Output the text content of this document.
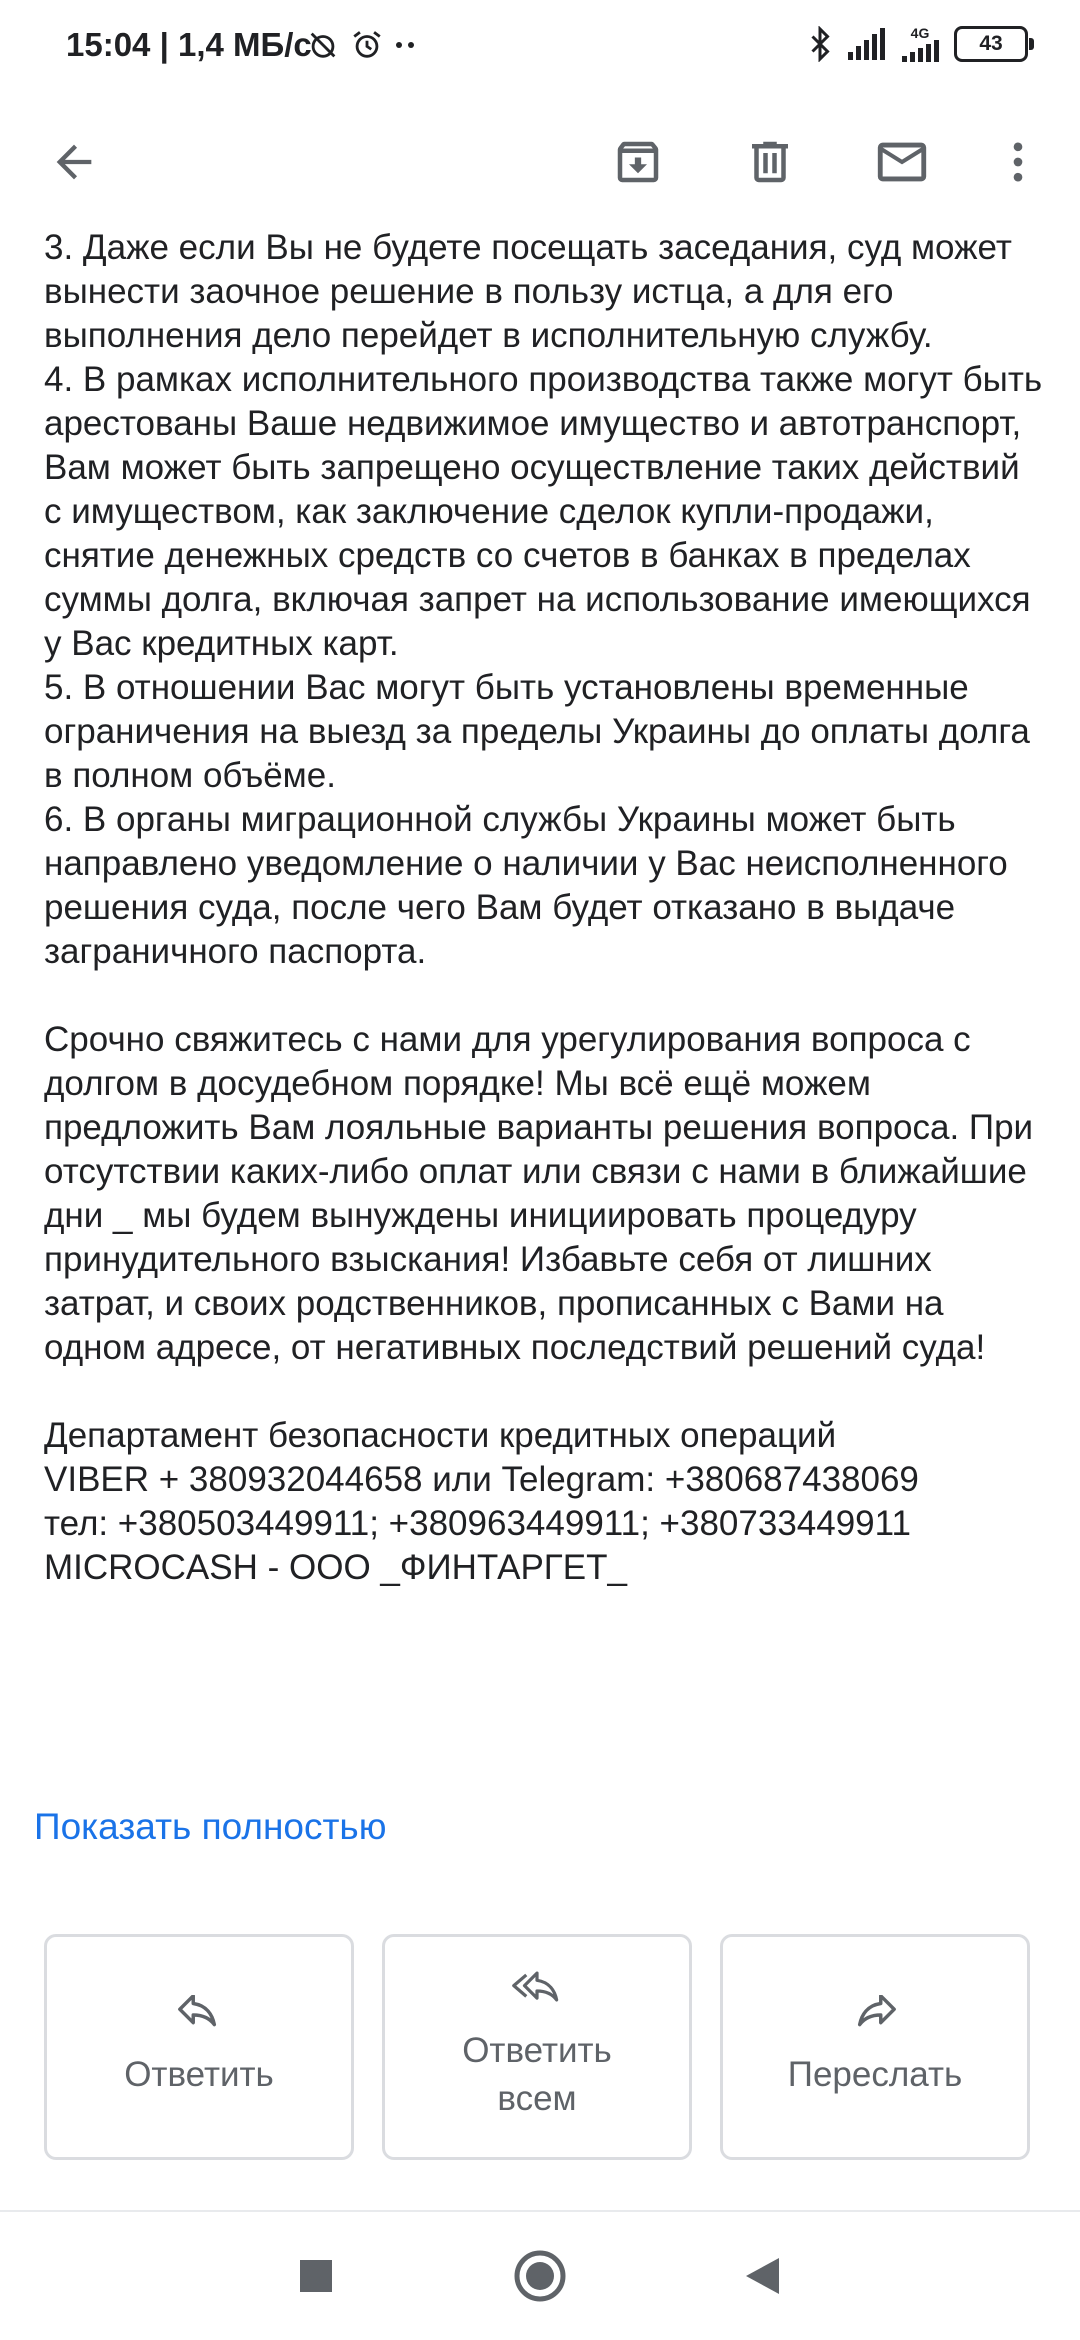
15:04 | 1,4 МБ/с	4G	43

3. Даже если Вы не будете посещать заседания, суд может вынести заочное решение в пользу истца, а для его выполнения дело перейдет в исполнительную службу.

4. В рамках исполнительного производства также могут быть арестованы Ваше недвижимое имущество и автотранспорт, Вам может быть запрещено осуществление таких действий с имуществом, как заключение сделок купли-продажи, снятие денежных средств со счетов в банках в пределах суммы долга, включая запрет на использование имеющихся у Вас кредитных карт.

5. В отношении Вас могут быть установлены временные ограничения на выезд за пределы Украины до оплаты долга в полном объёме.

6. В органы миграционной службы Украины может быть направлено уведомление о наличии у Вас неисполненного решения суда, после чего Вам будет отказано в выдаче заграничного паспорта.

Срочно свяжитесь с нами для урегулирования вопроса с долгом в досудебном порядке! Мы всё ещё можем предложить Вам лояльные варианты решения вопроса. При отсутствии каких-либо оплат или связи с нами в ближайшие дни _ мы будем вынуждены инициировать процедуру принудительного взыскания! Избавьте себя от лишних затрат, и своих родственников, прописанных с Вами на одном адресе, от негативных последствий решений суда!

Департамент безопасности кредитных операций

VIBER + 380932044658 или Telegram: +380687438069

тел: +380503449911; +380963449911; +380733449911

MICROCASH - ООО _ФИНТАРГЕТ_

Показать полностью
Ответить
Ответить
всем
Переслать
